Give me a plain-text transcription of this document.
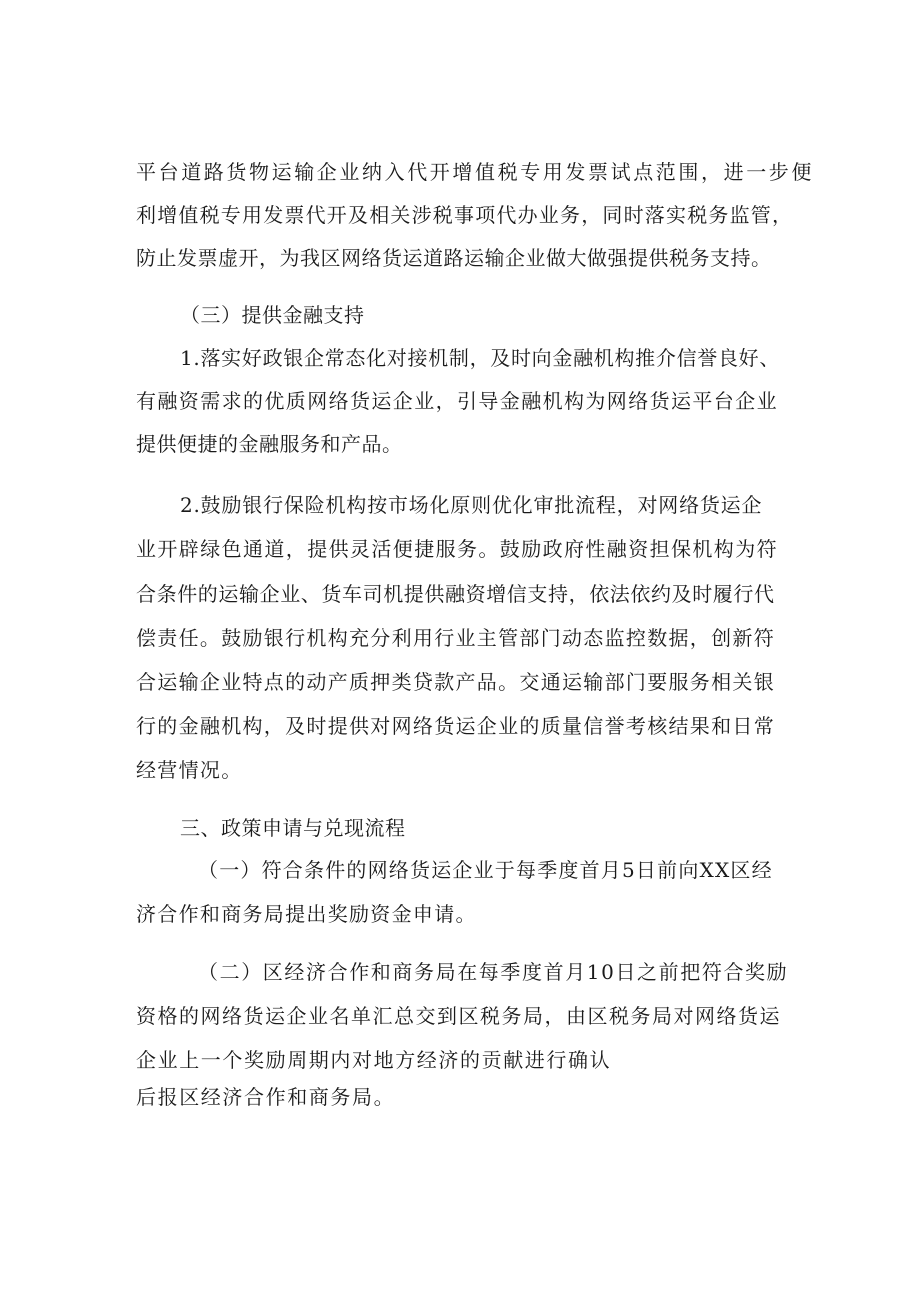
平台道路货物运输企业纳入代开增值税专用发票试点范围，进一步便
利增值税专用发票代开及相关涉税事项代办业务，同时落实税务监管，
防止发票虚开，为我区网络货运道路运输企业做大做强提供税务支持。
（三）提供金融支持
1.落实好政银企常态化对接机制，及时向金融机构推介信誉良好、
有融资需求的优质网络货运企业，引导金融机构为网络货运平台企业
提供便捷的金融服务和产品。
2.鼓励银行保险机构按市场化原则优化审批流程，对网络货运企
业开辟绿色通道，提供灵活便捷服务。鼓励政府性融资担保机构为符
合条件的运输企业、货车司机提供融资增信支持，依法依约及时履行代
偿责任。鼓励银行机构充分利用行业主管部门动态监控数据，创新符
合运输企业特点的动产质押类贷款产品。交通运输部门要服务相关银
行的金融机构，及时提供对网络货运企业的质量信誉考核结果和日常
经营情况。
三、政策申请与兑现流程
（一）符合条件的网络货运企业于每季度首月5日前向XX区经
济合作和商务局提出奖励资金申请。
（二）区经济合作和商务局在每季度首月10日之前把符合奖励
资格的网络货运企业名单汇总交到区税务局，由区税务局对网络货运
企业上一个奖励周期内对地方经济的贡献进行确认
后报区经济合作和商务局。
